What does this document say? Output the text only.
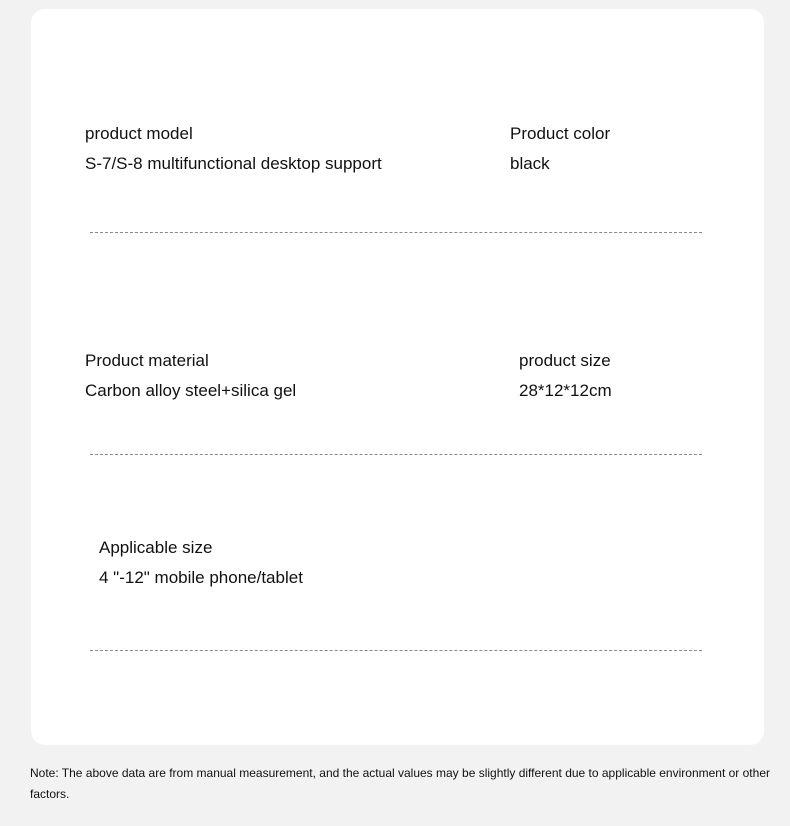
product model
S-7/S-8 multifunctional desktop support
Product color
black
Product material
Carbon alloy steel+silica gel
product size
28*12*12cm
Applicable size
4 "-12" mobile phone/tablet
Note: The above data are from manual measurement, and the actual values may be slightly different due to applicable environment or other factors.
